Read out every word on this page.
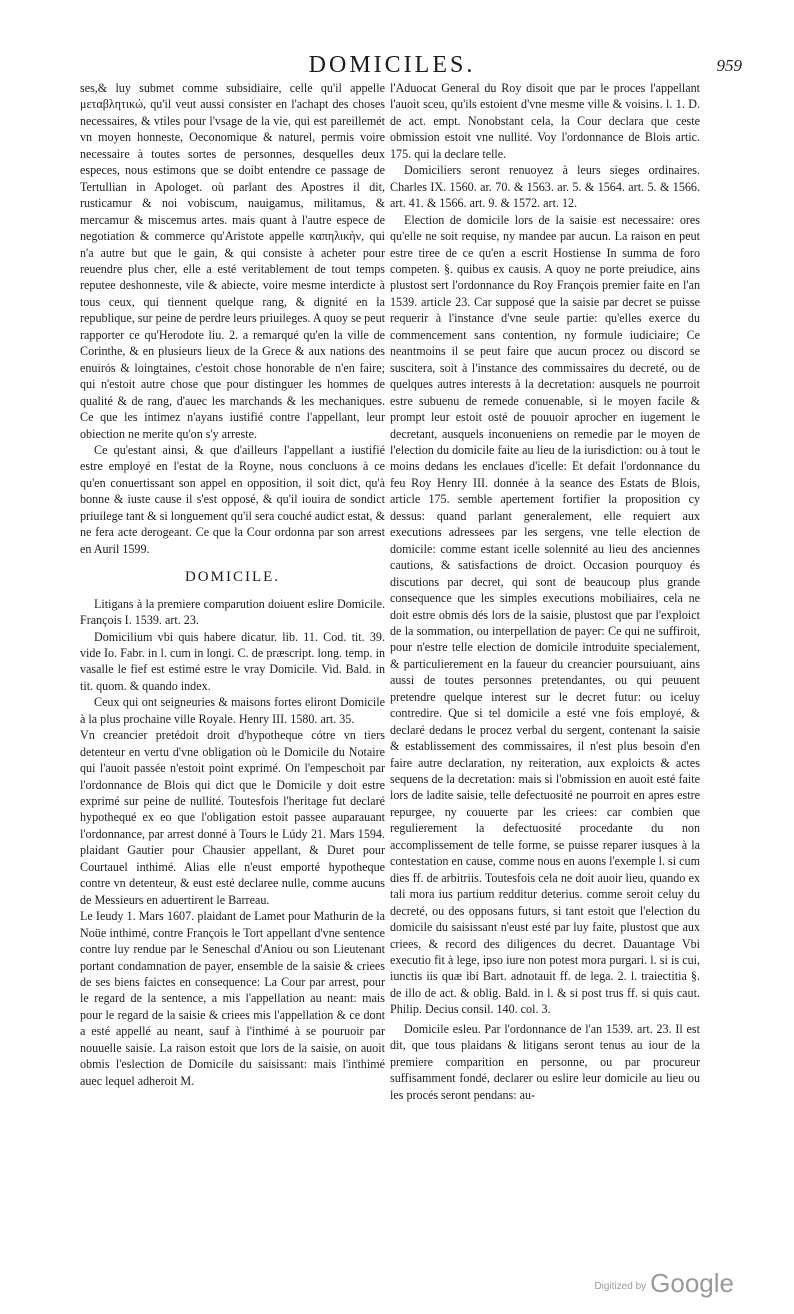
DOMICILES.	959

ses,& luy submet comme subsidiaire, celle qu'il appelle μεταβλητικώ, qu'il veut aussi consister en l'achapt des choses necessaires, & vtiles pour l'vsage de la vie, qui est pareillemét vn moyen honneste, Oeconomique & naturel, permis voire necessaire à toutes sortes de personnes, desquelles deux especes, nous estimons que se doibt entendre ce passage de Tertullian in Apologet. où parlant des Apostres il dit, rusticamur & noi vobiscum, nauigamus, militamus, & mercamur & miscemus artes. mais quant à l'autre espece de negotiation & commerce qu'Aristote appelle καπηλικὴν, qui n'a autre but que le gain, & qui consiste à acheter pour reuendre plus cher, elle a esté veritablement de tout temps reputee deshonneste, vile & abiecte, voire mesme interdicte à tous ceux, qui tiennent quelque rang, & dignité en la republique, sur peine de perdre leurs priuileges. A quoy se peut rapporter ce qu'Herodote liu. 2. a remarqué qu'en la ville de Corinthe, & en plusieurs lieux de la Grece & aux nations des enuirós & loingtaines, c'estoit chose honorable de n'en faire; qui n'estoit autre chose que pour distinguer les hommes de qualité & de rang, d'auec les marchands & les mechaniques. Ce que les intimez n'ayans iustifié contre l'appellant, leur obiection ne merite qu'on s'y arreste.

Ce qu'estant ainsi, & que d'ailleurs l'appellant a iustifié estre employé en l'estat de la Royne, nous concluons à ce qu'en conuertissant son appel en opposition, il soit dict, qu'à bonne & iuste cause il s'est opposé, & qu'il iouira de sondict priuilege tant & si longuement qu'il sera couché audict estat, & ne fera acte derogeant. Ce que la Cour ordonna par son arrest en Auril 1599.

DOMICILE.

Litigans à la premiere comparution doiuent eslire Domicile. François I. 1539. art. 23.

Domicilium vbi quis habere dicatur. lib. 11. Cod. tit. 39. vide Io. Fabr. in l. cum in longi. C. de præscript. long. temp. in vasalle le fief est estimé estre le vray Domicile. Vid. Bald. in tit. quom. & quando index.

Ceux qui ont seigneuries & maisons fortes eliront Domicile à la plus prochaine ville Royale. Henry III. 1580. art. 35.

Vn creancier pretédoit droit d'hypotheque cótre vn tiers detenteur en vertu d'vne obligation où le Domicile du Notaire qui l'auoit passée n'estoit point exprimé. On l'empeschoit par l'ordonnance de Blois qui dict que le Domicile y doit estre exprimé sur peine de nullité. Toutesfois l'heritage fut declaré hypothequé ex eo que l'obligation estoit passee auparauant l'ordonnance, par arrest donné à Tours le Lúdy 21. Mars 1594. plaidant Gautier pour Chausier appellant, & Duret pour Courtauel inthimé. Alias elle n'eust emporté hypotheque contre vn detenteur, & eust esté declaree nulle, comme aucuns de Messieurs en aduertirent le Barreau.

Le Ieudy 1. Mars 1607. plaidant de Lamet pour Mathurin de la Noüe inthimé, contre François le Tort appellant d'vne sentence contre luy rendue par le Seneschal d'Aniou ou son Lieutenant portant condamnation de payer, ensemble de la saisie & criees de ses biens faictes en consequence: La Cour par arrest, pour le regard de la sentence, a mis l'appellation au neant: mais pour le regard de la saisie & criees mis l'appellation & ce dont a esté appellé au neant, sauf à l'inthimé à se pouruoir par nouuelle saisie. La raison estoit que lors de la saisie, on auoit obmis l'eslection de Domicile du saisissant: mais l'inthimé auec lequel adheroit M.

l'Aduocat General du Roy disoit que par le proces l'appellant l'auoit sceu, qu'ils estoient d'vne mesme ville & voisins. l. 1. D. de act. empt. Nonobstant cela, la Cour declara que ceste obmission estoit vne nullité. Voy l'ordonnance de Blois artic. 175. qui la declare telle.

Domiciliers seront renuoyez à leurs sieges ordinaires. Charles IX. 1560. ar. 70. & 1563. ar. 5. & 1564. art. 5. & 1566. art. 41. & 1566. art. 9. & 1572. art. 12.

Election de domicile lors de la saisie est necessaire: ores qu'elle ne soit requise, ny mandee par aucun. La raison en peut estre tiree de ce qu'en a escrit Hostiense In summa de foro competen. §. quibus ex causis. A quoy ne porte preiudice, ains plustost sert l'ordonnance du Roy François premier faite en l'an 1539. article 23. Car supposé que la saisie par decret se puisse requerir à l'instance d'vne seule partie: qu'elles exerce du commencement sans contention, ny formule iudiciaire; Ce neantmoins il se peut faire que aucun procez ou discord se suscitera, soit à l'instance des commissaires du decreté, ou de quelques autres interests à la decretation: ausquels ne pourroit estre subuenu de remede conuenable, si le moyen facile & prompt leur estoit osté de pouuoir aprocher en iugement le decretant, ausquels inconueniens on remedie par le moyen de l'election du domicile faite au lieu de la iurisdiction: ou à tout le moins dedans les enclaues d'icelle: Et defait l'ordonnance du feu Roy Henry III. donnée à la seance des Estats de Blois, article 175. semble apertement fortifier la proposition cy dessus: quand parlant generalement, elle requiert aux executions adressees par les sergens, vne telle election de domicile: comme estant icelle solennité au lieu des anciennes cautions, & satisfactions de droict. Occasion pourquoy és discutions par decret, qui sont de beaucoup plus grande consequence que les simples executions mobiliaires, cela ne doit estre obmis dés lors de la saisie, plustost que par l'exploict de la sommation, ou interpellation de payer: Ce qui ne suffiroit, pour n'estre telle election de domicile introduite specialement, & particulierement en la faueur du creancier poursuiuant, ains aussi de toutes personnes pretendantes, ou qui peuuent pretendre quelque interest sur le decret futur: ou iceluy contredire. Que si tel domicile a esté vne fois employé, & declaré dedans le procez verbal du sergent, contenant la saisie & establissement des commissaires, il n'est plus besoin d'en faire autre declaration, ny reiteration, aux exploicts & actes sequens de la decretation: mais si l'obmission en auoit esté faite lors de ladite saisie, telle defectuosité ne pourroit en apres estre repurgee, ny couuerte par les criees: car combien que regulierement la defectuosité procedante du non accomplissement de telle forme, se puisse reparer iusques à la contestation en cause, comme nous en auons l'exemple l. si cum dies ff. de arbitriis. Toutesfois cela ne doit auoir lieu, quando ex tali mora ius partium redditur deterius. comme seroit celuy du decreté, ou des opposans futurs, si tant estoit que l'election du domicile du saisissant n'eust esté par luy faite, plustost que aux criees, & record des diligences du decret. Dauantage Vbi executio fit à lege, ipso iure non potest mora purgari. l. si is cui, iunctis iis quæ ibi Bart. adnotauit ff. de lega. 2. l. traiectitia §. de illo de act. & oblig. Bald. in l. & si post trus ff. si quis caut. Philip. Decius consil. 140. col. 3.

Domicile esleu. Par l'ordonnance de l'an 1539. art. 23. Il est dit, que tous plaidans & litigans seront tenus au iour de la premiere comparition en personne, ou par procureur suffisamment fondé, declarer ou eslire leur domicile au lieu ou les procés seront pendans: au-

Digitized by Google
